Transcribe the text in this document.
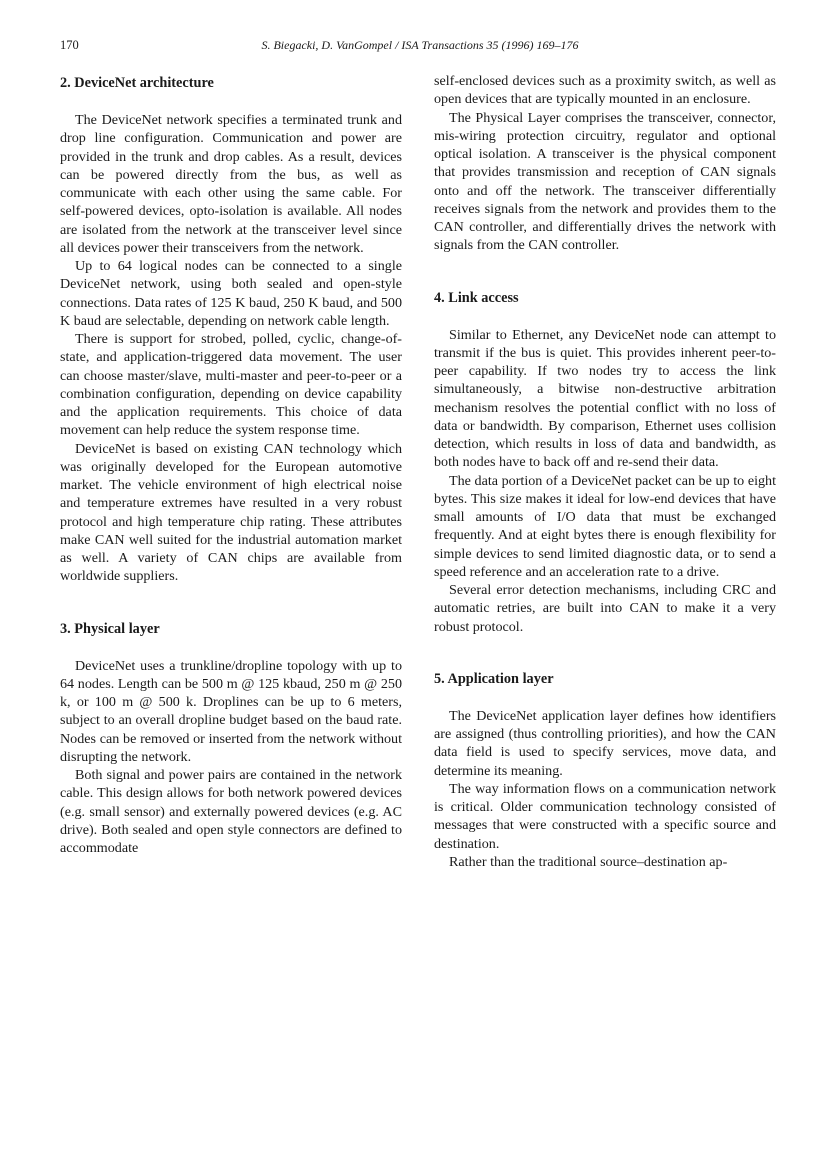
170	S. Biegacki, D. VanGompel / ISA Transactions 35 (1996) 169–176
2. DeviceNet architecture

The DeviceNet network specifies a terminated trunk and drop line configuration. Communication and power are provided in the trunk and drop cables. As a result, devices can be powered directly from the bus, as well as communicate with each other using the same cable. For self-powered devices, opto-isolation is available. All nodes are isolated from the network at the transceiver level since all devices power their transceivers from the network.

Up to 64 logical nodes can be connected to a single DeviceNet network, using both sealed and open-style connections. Data rates of 125 K baud, 250 K baud, and 500 K baud are selectable, depending on network cable length.

There is support for strobed, polled, cyclic, change-of-state, and application-triggered data movement. The user can choose master/slave, multi-master and peer-to-peer or a combination configuration, depending on device capability and the application requirements. This choice of data movement can help reduce the system response time.

DeviceNet is based on existing CAN technology which was originally developed for the European automotive market. The vehicle environment of high electrical noise and temperature extremes have resulted in a very robust protocol and high temperature chip rating. These attributes make CAN well suited for the industrial automation market as well. A variety of CAN chips are available from worldwide suppliers.

3. Physical layer

DeviceNet uses a trunkline/dropline topology with up to 64 nodes. Length can be 500 m @ 125 kbaud, 250 m @ 250 k, or 100 m @ 500 k. Droplines can be up to 6 meters, subject to an overall dropline budget based on the baud rate. Nodes can be removed or inserted from the network without disrupting the network.

Both signal and power pairs are contained in the network cable. This design allows for both network powered devices (e.g. small sensor) and externally powered devices (e.g. AC drive). Both sealed and open style connectors are defined to accommodate

self-enclosed devices such as a proximity switch, as well as open devices that are typically mounted in an enclosure.

The Physical Layer comprises the transceiver, connector, mis-wiring protection circuitry, regulator and optional optical isolation. A transceiver is the physical component that provides transmission and reception of CAN signals onto and off the network. The transceiver differentially receives signals from the network and provides them to the CAN controller, and differentially drives the network with signals from the CAN controller.

4. Link access

Similar to Ethernet, any DeviceNet node can attempt to transmit if the bus is quiet. This provides inherent peer-to-peer capability. If two nodes try to access the link simultaneously, a bitwise non-destructive arbitration mechanism resolves the potential conflict with no loss of data or bandwidth. By comparison, Ethernet uses collision detection, which results in loss of data and bandwidth, as both nodes have to back off and re-send their data.

The data portion of a DeviceNet packet can be up to eight bytes. This size makes it ideal for low-end devices that have small amounts of I/O data that must be exchanged frequently. And at eight bytes there is enough flexibility for simple devices to send limited diagnostic data, or to send a speed reference and an acceleration rate to a drive.

Several error detection mechanisms, including CRC and automatic retries, are built into CAN to make it a very robust protocol.

5. Application layer

The DeviceNet application layer defines how identifiers are assigned (thus controlling priorities), and how the CAN data field is used to specify services, move data, and determine its meaning.

The way information flows on a communication network is critical. Older communication technology consisted of messages that were constructed with a specific source and destination.

Rather than the traditional source–destination ap-
